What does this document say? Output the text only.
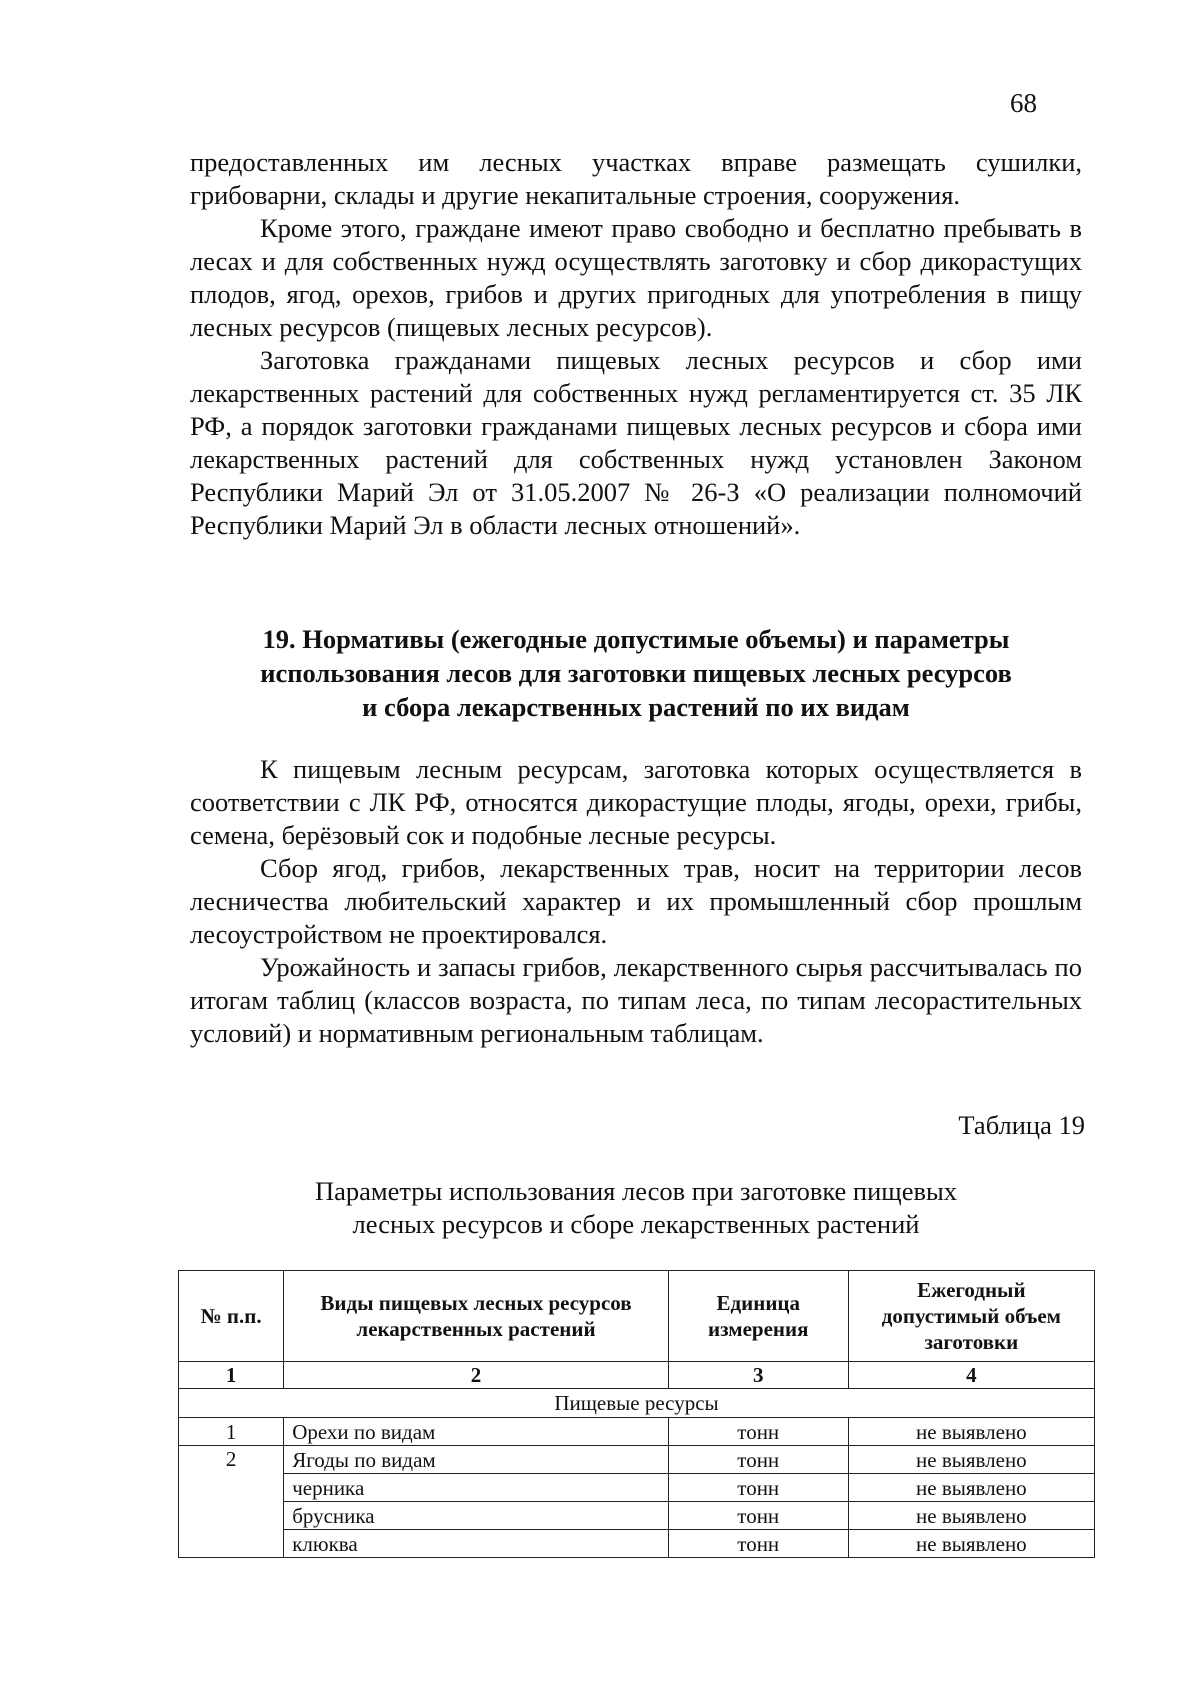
68

предоставленных им лесных участках вправе размещать сушилки, грибоварни, склады и другие некапитальные строения, сооружения.

Кроме этого, граждане имеют право свободно и бесплатно пребывать в лесах и для собственных нужд осуществлять заготовку и сбор дикорастущих плодов, ягод, орехов, грибов и других пригодных для употребления в пищу лесных ресурсов (пищевых лесных ресурсов).

Заготовка гражданами пищевых лесных ресурсов и сбор ими лекарственных растений для собственных нужд регламентируется ст. 35 ЛК РФ, а порядок заготовки гражданами пищевых лесных ресурсов и сбора ими лекарственных растений для собственных нужд установлен Законом Республики Марий Эл от 31.05.2007 № 26-З «О реализации полномочий Республики Марий Эл в области лесных отношений».

19. Нормативы (ежегодные допустимые объемы) и параметры
использования лесов для заготовки пищевых лесных ресурсов
и сбора лекарственных растений по их видам

К пищевым лесным ресурсам, заготовка которых осуществляется в соответствии с ЛК РФ, относятся дикорастущие плоды, ягоды, орехи, грибы, семена, берёзовый сок и подобные лесные ресурсы.

Сбор ягод, грибов, лекарственных трав, носит на территории лесов лесничества любительский характер и их промышленный сбор прошлым лесоустройством не проектировался.

Урожайность и запасы грибов, лекарственного сырья рассчитывалась по итогам таблиц (классов возраста, по типам леса, по типам лесорастительных условий) и нормативным региональным таблицам.

Таблица 19
Параметры использования лесов при заготовке пищевых
лесных ресурсов и сборе лекарственных растений
№ п.п.	Виды пищевых лесных ресурсов лекарственных растений	Единица измерения	Ежегодный допустимый объем заготовки
1	2	3	4
Пищевые ресурсы			
1	Орехи по видам	тонн	не выявлено
2	Ягоды по видам	тонн	не выявлено
	черника	тонн	не выявлено
	брусника	тонн	не выявлено
	клюква	тонн	не выявлено
